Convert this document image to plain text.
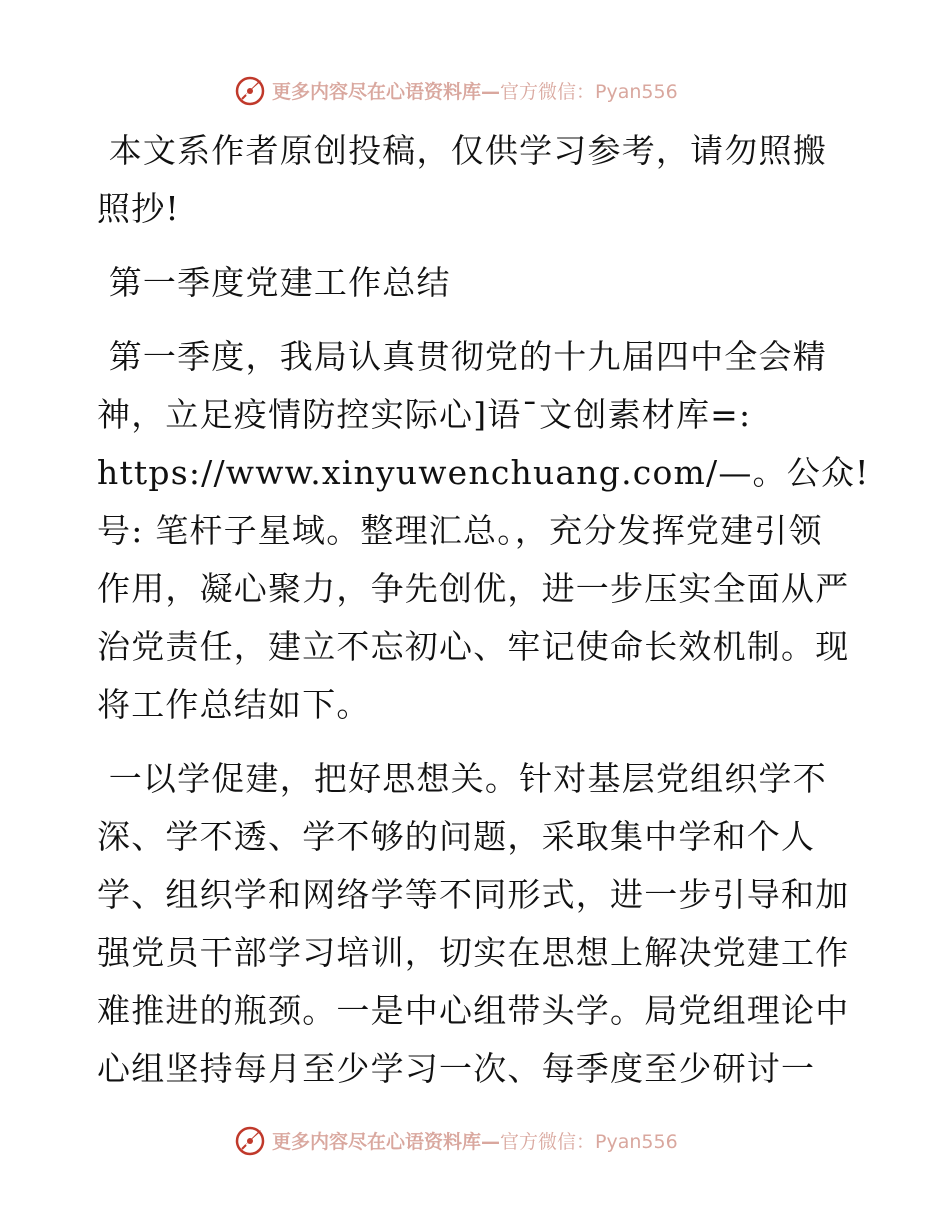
更多内容尽在心语资料库— 官方微信：Pyan556
本文系作者原创投稿，仅供学习参考，请勿照搬
照抄!
第一季度党建工作总结
第一季度，我局认真贯彻党的十九届四中全会精
神，立足疫情防控实际心]语¯文创素材库=:
https://www.xinyuwenchuang.com/—。公众!
号: 笔杆子星域。整理汇总。，充分发挥党建引领
作用，凝心聚力，争先创优，进一步压实全面从严
治党责任，建立不忘初心、牢记使命长效机制。现
将工作总结如下。
一以学促建，把好思想关。针对基层党组织学不
深、学不透、学不够的问题，采取集中学和个人
学、组织学和网络学等不同形式，进一步引导和加
强党员干部学习培训，切实在思想上解决党建工作
难推进的瓶颈。一是中心组带头学。局党组理论中
心组坚持每月至少学习一次、每季度至少研讨一
更多内容尽在心语资料库— 官方微信：Pyan556
